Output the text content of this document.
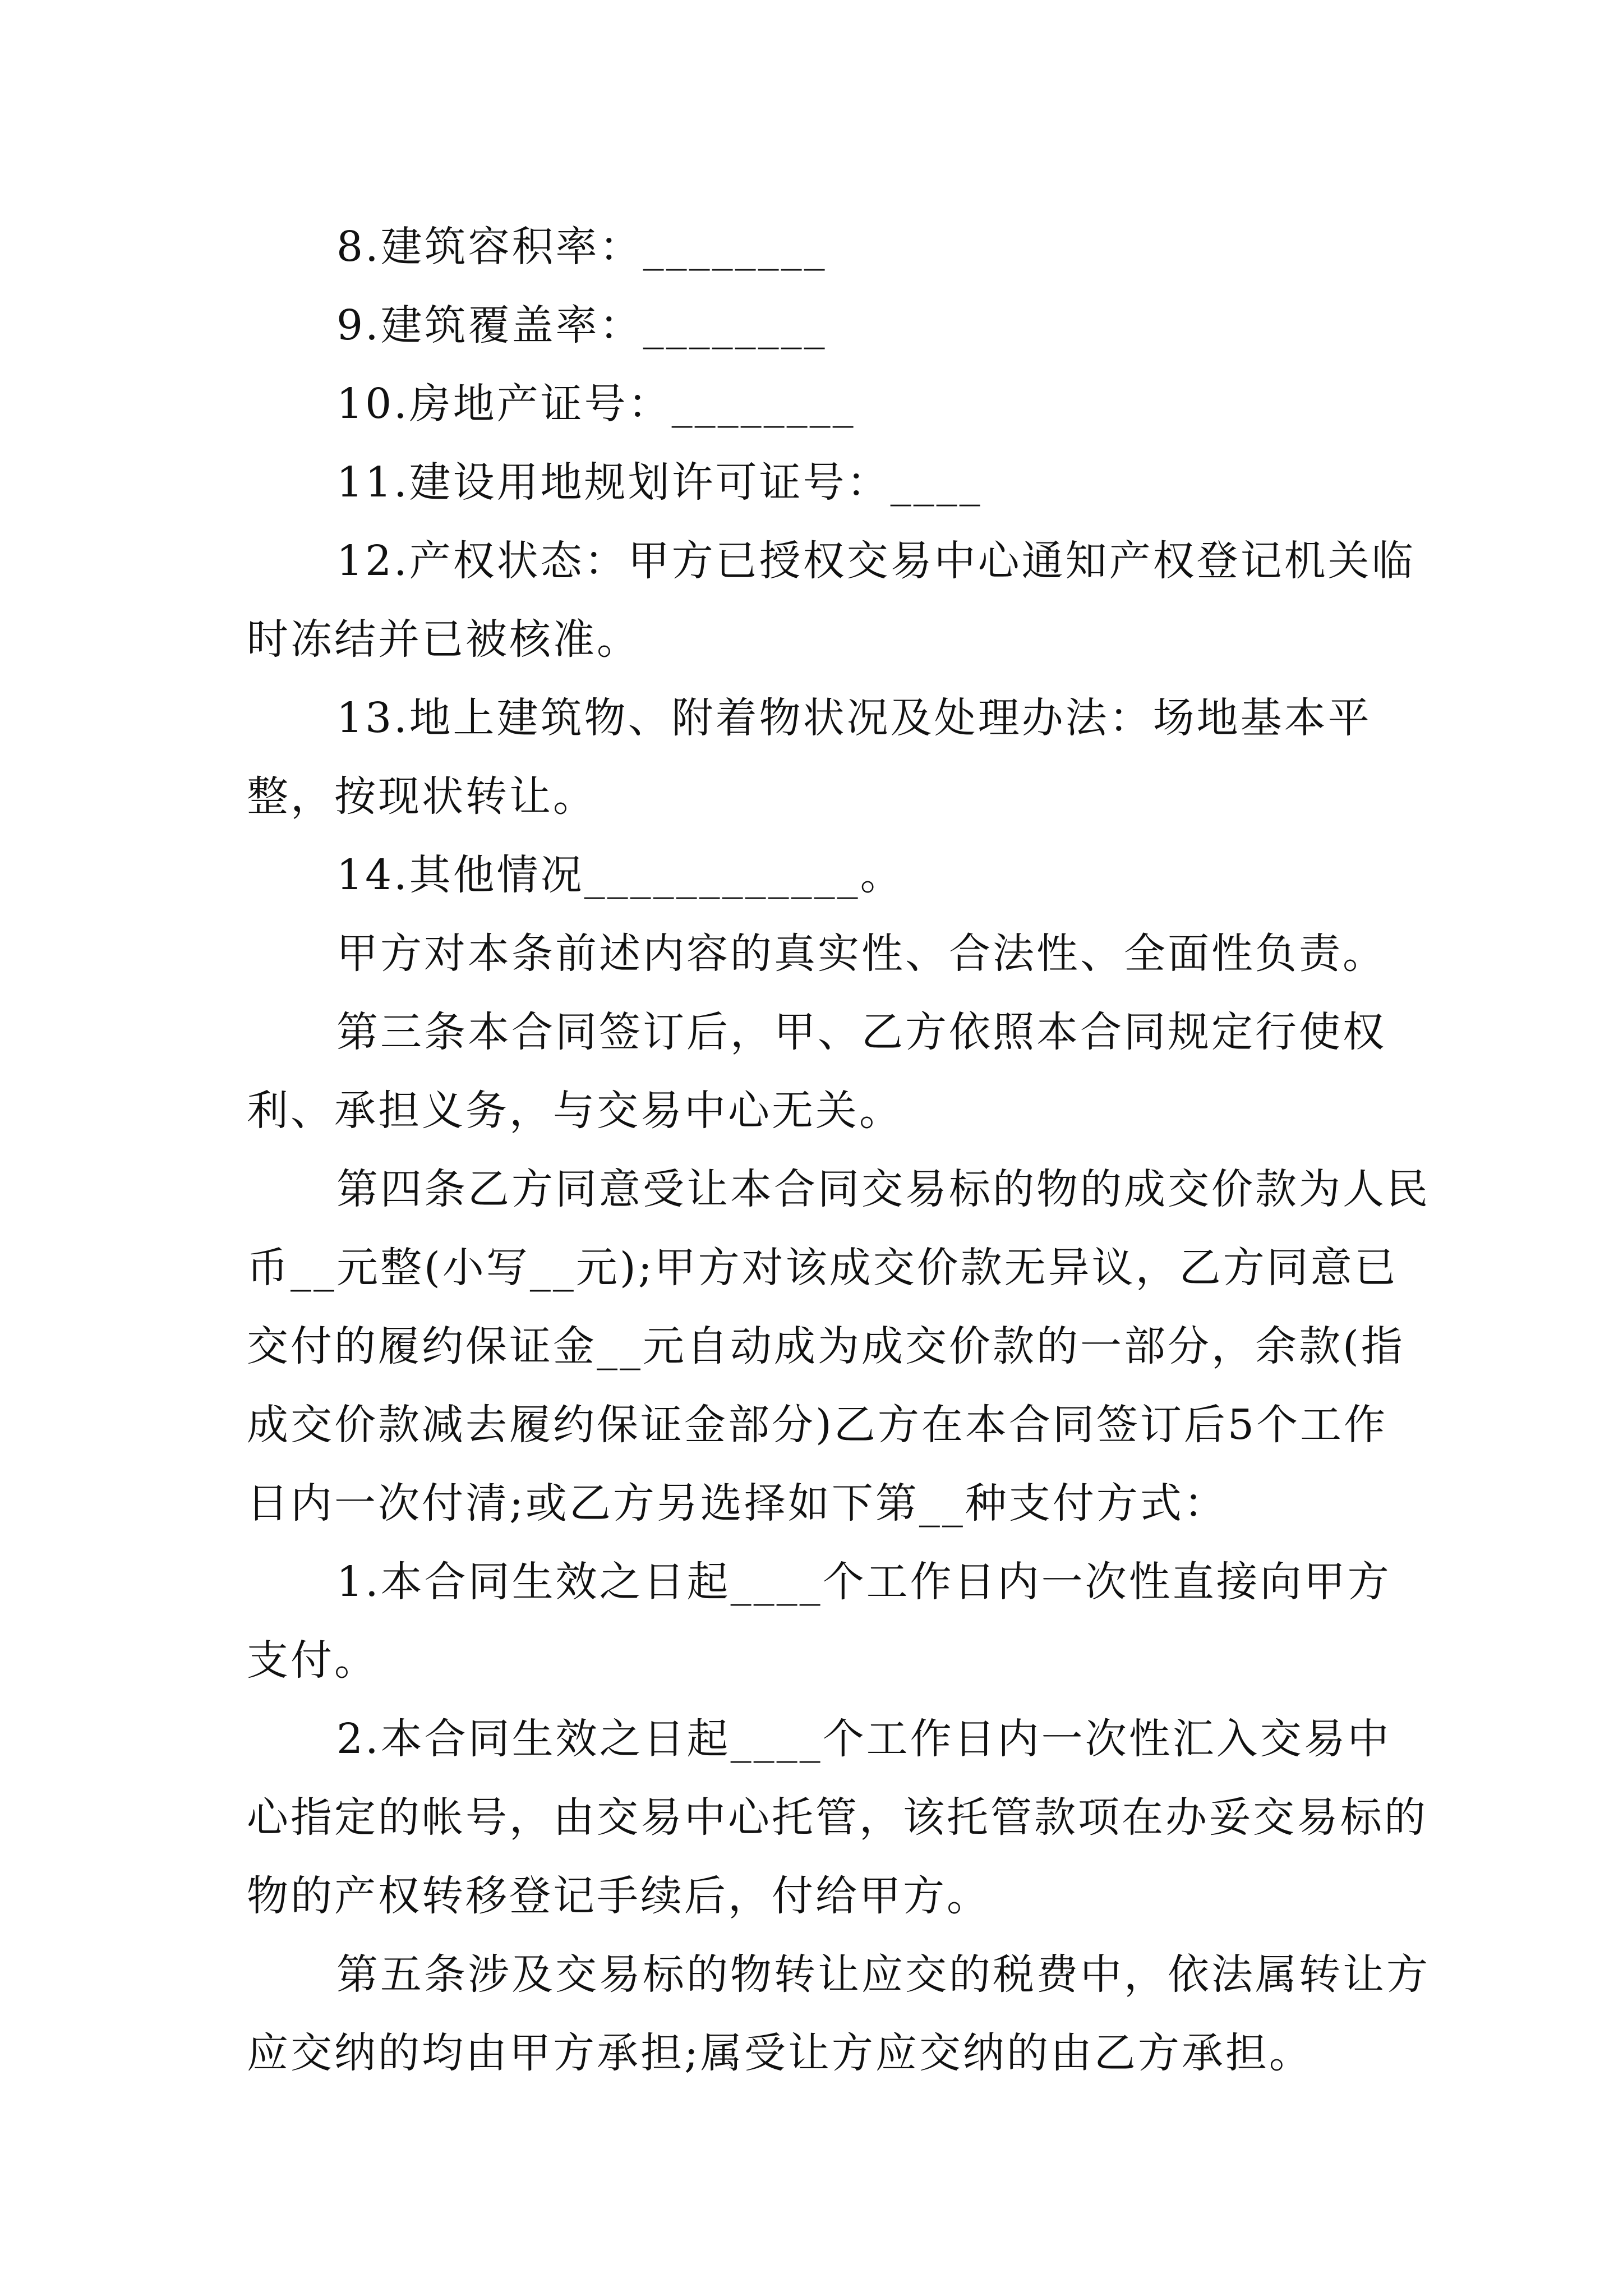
8.建筑容积率：________

9.建筑覆盖率：________

10.房地产证号：________

11.建设用地规划许可证号：____

12.产权状态：甲方已授权交易中心通知产权登记机关临时冻结并已被核准。

13.地上建筑物、附着物状况及处理办法：场地基本平整，按现状转让。

14.其他情况____________。

甲方对本条前述内容的真实性、合法性、全面性负责。

第三条本合同签订后，甲、乙方依照本合同规定行使权利、承担义务，与交易中心无关。

第四条乙方同意受让本合同交易标的物的成交价款为人民币__元整(小写__元);甲方对该成交价款无异议，乙方同意已交付的履约保证金__元自动成为成交价款的一部分，余款(指成交价款减去履约保证金部分)乙方在本合同签订后5个工作日内一次付清;或乙方另选择如下第__种支付方式：

1.本合同生效之日起____个工作日内一次性直接向甲方支付。

2.本合同生效之日起____个工作日内一次性汇入交易中心指定的帐号，由交易中心托管，该托管款项在办妥交易标的物的产权转移登记手续后，付给甲方。

第五条涉及交易标的物转让应交的税费中，依法属转让方应交纳的均由甲方承担;属受让方应交纳的由乙方承担。
